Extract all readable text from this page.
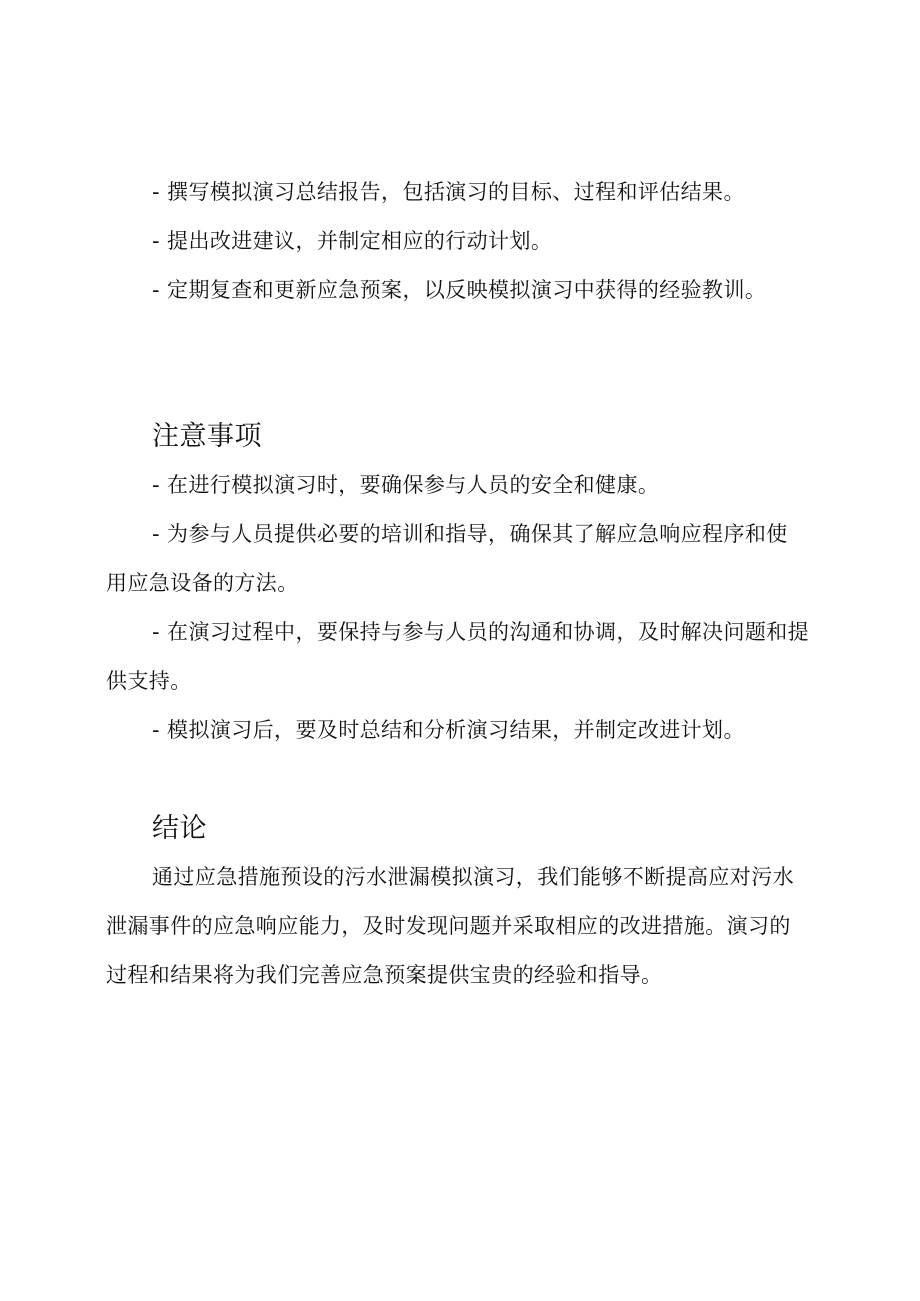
- 撰写模拟演习总结报告，包括演习的目标、过程和评估结果。

- 提出改进建议，并制定相应的行动计划。

- 定期复查和更新应急预案，以反映模拟演习中获得的经验教训。

注意事项

- 在进行模拟演习时，要确保参与人员的安全和健康。

- 为参与人员提供必要的培训和指导，确保其了解应急响应程序和使用应急设备的方法。

- 在演习过程中，要保持与参与人员的沟通和协调，及时解决问题和提供支持。

- 模拟演习后，要及时总结和分析演习结果，并制定改进计划。

结论

通过应急措施预设的污水泄漏模拟演习，我们能够不断提高应对污水泄漏事件的应急响应能力，及时发现问题并采取相应的改进措施。演习的过程和结果将为我们完善应急预案提供宝贵的经验和指导。
